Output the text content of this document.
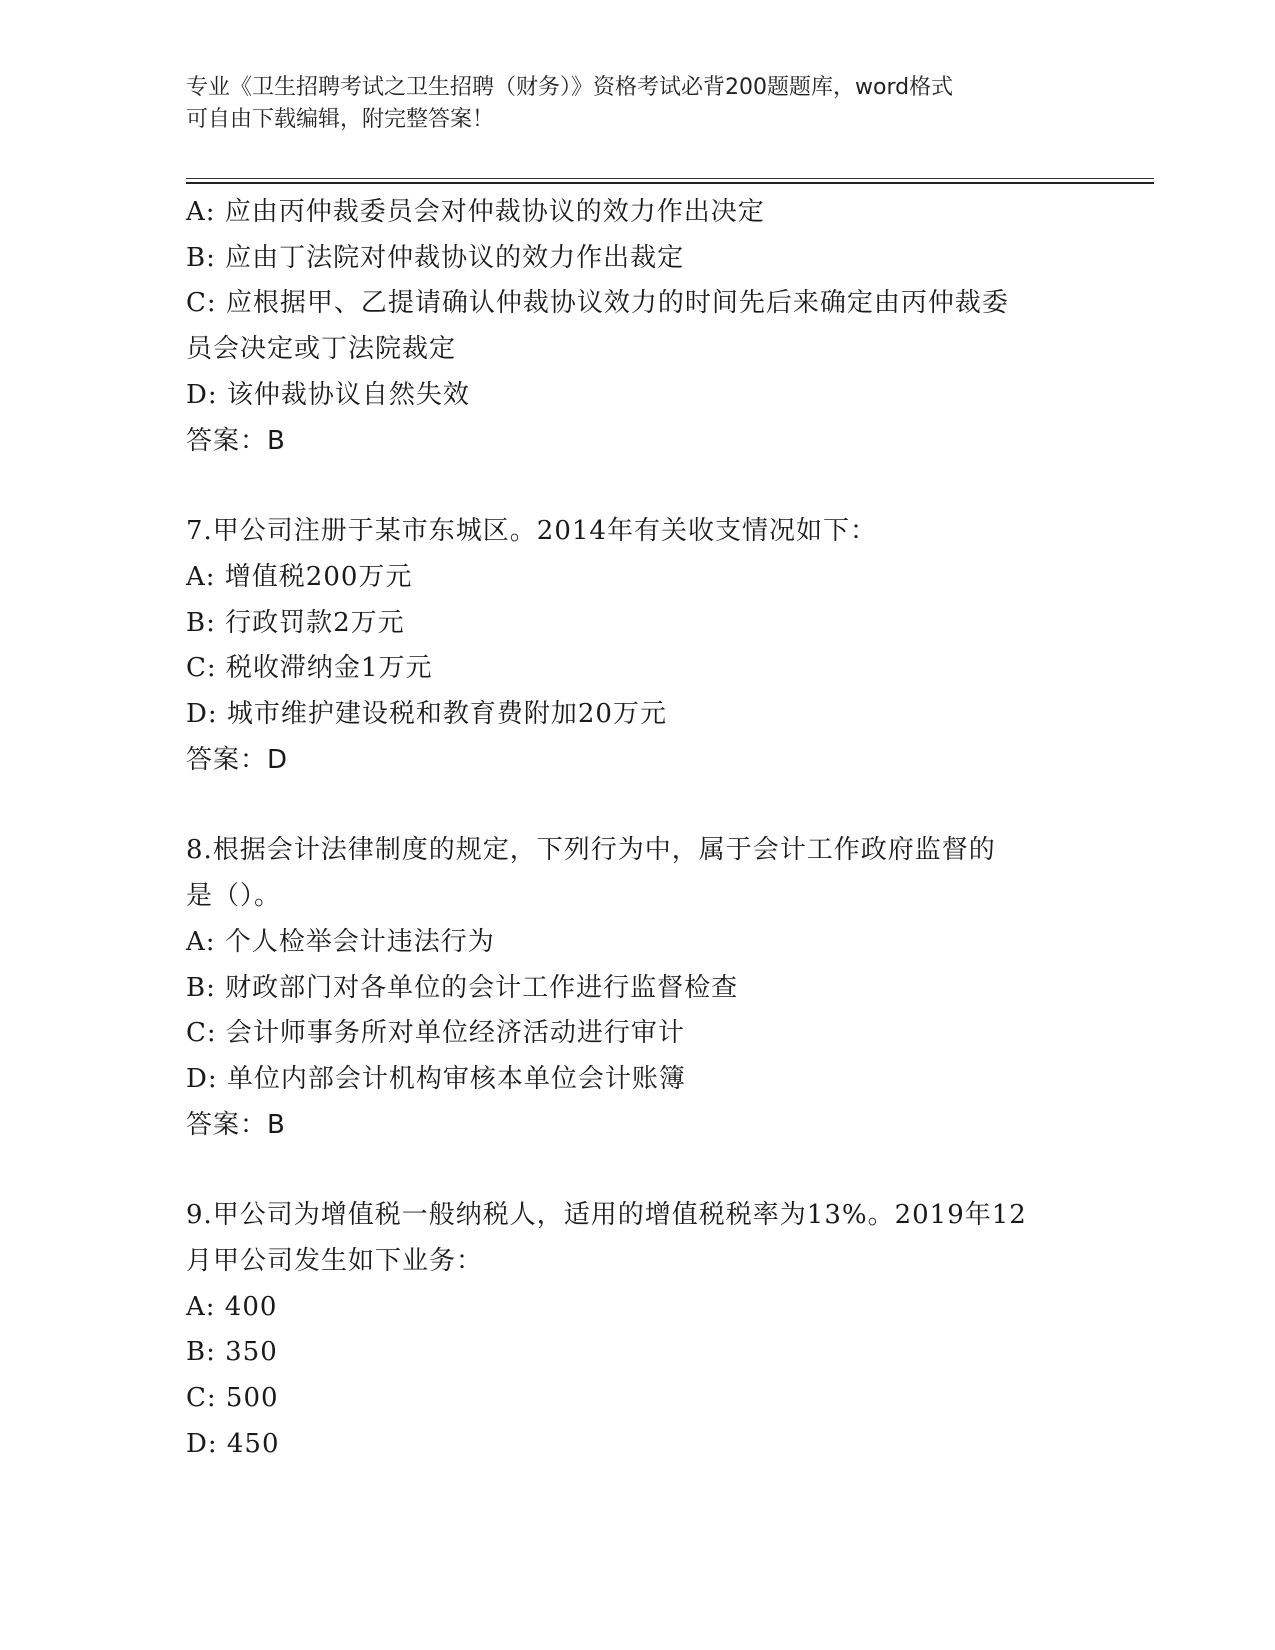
专业《卫生招聘考试之卫生招聘（财务）》资格考试必背200题题库，word格式
可自由下载编辑，附完整答案！

A: 应由丙仲裁委员会对仲裁协议的效力作出决定

B: 应由丁法院对仲裁协议的效力作出裁定

C: 应根据甲、乙提请确认仲裁协议效力的时间先后来确定由丙仲裁委

员会决定或丁法院裁定

D: 该仲裁协议自然失效

答案：B

7.甲公司注册于某市东城区。2014年有关收支情况如下：

A: 增值税200万元

B: 行政罚款2万元

C: 税收滞纳金1万元

D: 城市维护建设税和教育费附加20万元

答案：D

8.根据会计法律制度的规定，下列行为中，属于会计工作政府监督的

是（）。

A: 个人检举会计违法行为

B: 财政部门对各单位的会计工作进行监督检查

C: 会计师事务所对单位经济活动进行审计

D: 单位内部会计机构审核本单位会计账簿

答案：B

9.甲公司为增值税一般纳税人，适用的增值税税率为13%。2019年12

月甲公司发生如下业务：

A: 400

B: 350

C: 500

D: 450
